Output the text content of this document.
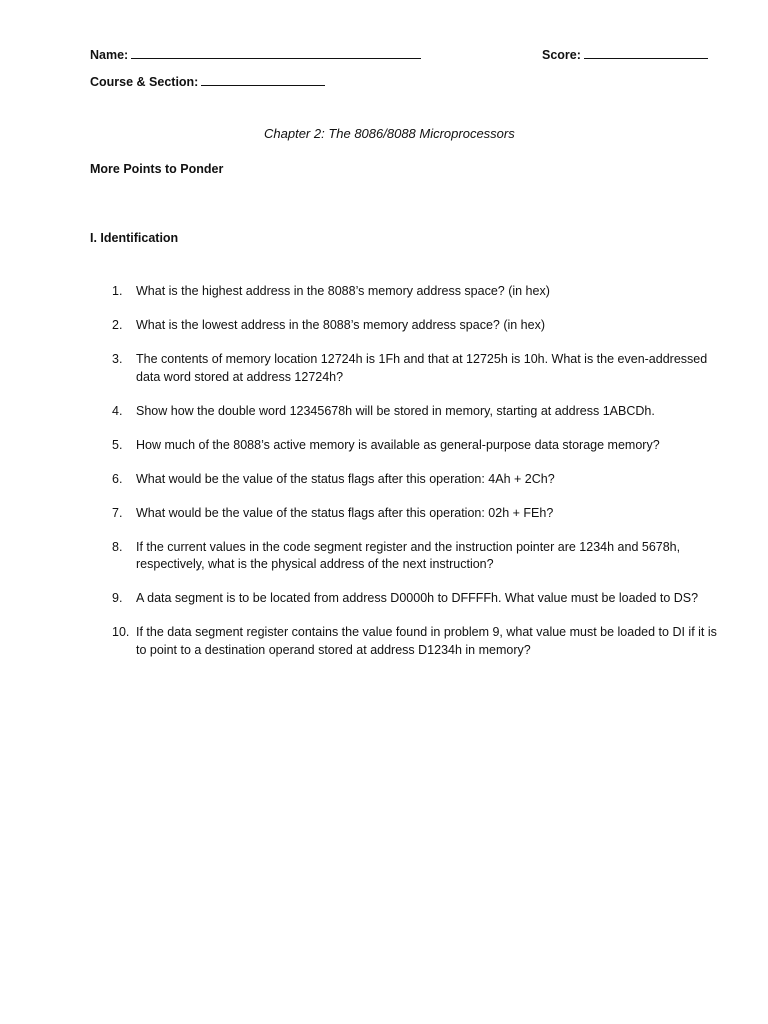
Name:	Score:
Course & Section:
Chapter 2: The 8086/8088 Microprocessors
More Points to Ponder
I. Identification
1.	What is the highest address in the 8088’s memory address space? (in hex)
2.	What is the lowest address in the 8088’s memory address space? (in hex)
3.	The contents of memory location 12724h is 1Fh and that at 12725h is 10h. What is the even-addressed data word stored at address 12724h?
4.	Show how the double word 12345678h will be stored in memory, starting at address 1ABCDh.
5.	How much of the 8088’s active memory is available as general-purpose data storage memory?
6.	What would be the value of the status flags after this operation: 4Ah + 2Ch?
7.	What would be the value of the status flags after this operation: 02h + FEh?
8.	If the current values in the code segment register and the instruction pointer are 1234h and 5678h, respectively, what is the physical address of the next instruction?
9.	A data segment is to be located from address D0000h to DFFFFh. What value must be loaded to DS?
10. If the data segment register contains the value found in problem 9, what value must be loaded to DI if it is to point to a destination operand stored at address D1234h in memory?
